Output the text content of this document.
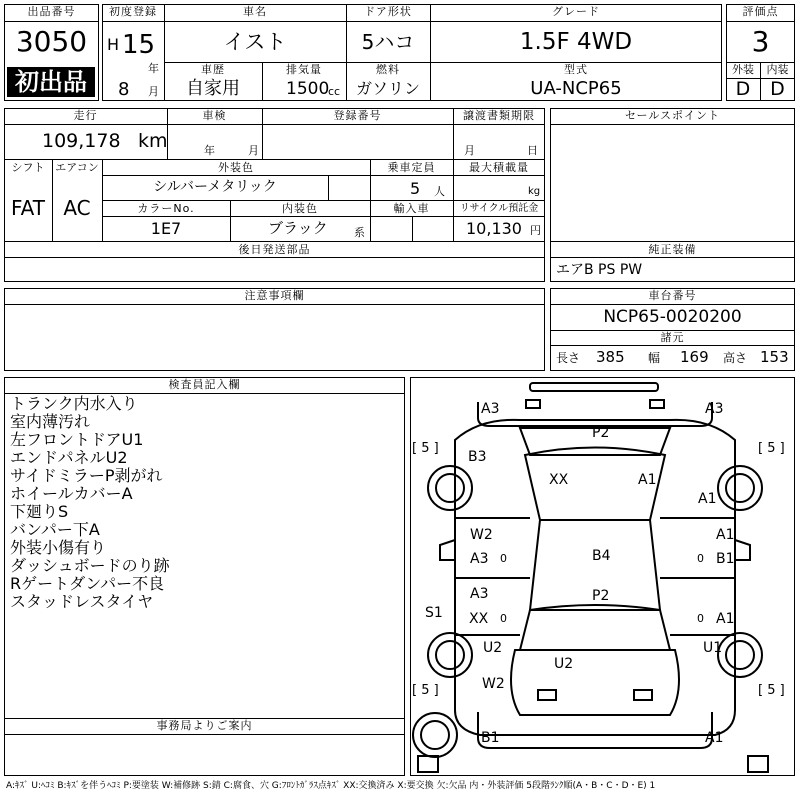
出品番号
3050
初出品
初度登録
H 15
年
8 月
車名
イスト
ドア形状
5ハコ
グレード
1.5F 4WD
車歴
自家用
排気量
1500
cc
燃料
ガソリン
型式
UA-NCP65
評価点
3
外装	内装
D	D
走行
109,178 km
車検
年	月
登録番号	譲渡書類期限
月	日
シフト エアコン
FAT AC
外装色
シルバーメタリック
乗車定員
5 人
最大積載量
kg
カラーNo.
1E7
内装色
ブラック 系
輸入車	リサイクル預託金
10,130 円
後日発送部品
セールスポイント
純正装備
エアB PS PW
注意事項欄	車台番号
NCP65-0020200
諸元
長さ 385 幅 169 高さ 153
検査員記入欄
トランク内水入り
室内薄汚れ
左フロントドアU1
エンドパネルU2
サイドミラーP剥がれ
ホイールカバーA
下廻りS
バンパー下A
外装小傷有り
ダッシュボードのり跡
Rゲートダンパー不良
スタッドレスタイヤ
事務局よりご案内
A3	A3
P2
[ 5 ]	[ 5 ]
B3
XX	A1
A1
W2	A1
A3 0	B4	0 B1
A3	P2
S1 XX 0	0 A1
U2	U1
U2
[ 5 ]	W2	[ 5 ]
B1	A1
A:ｷｽﾞ U:ﾍｺﾐ B:ｷｽﾞを伴うﾍｺﾐ P:要塗装 W:補修跡 S:錆 C:腐食、穴 G:ﾌﾛﾝﾄｶﾞﾗｽ点ｷｽﾞ XX:交換済み X:要交換 欠:欠品 内・外装評価 5段階ﾗﾝｸ順(A・B・C・D・E) 1
